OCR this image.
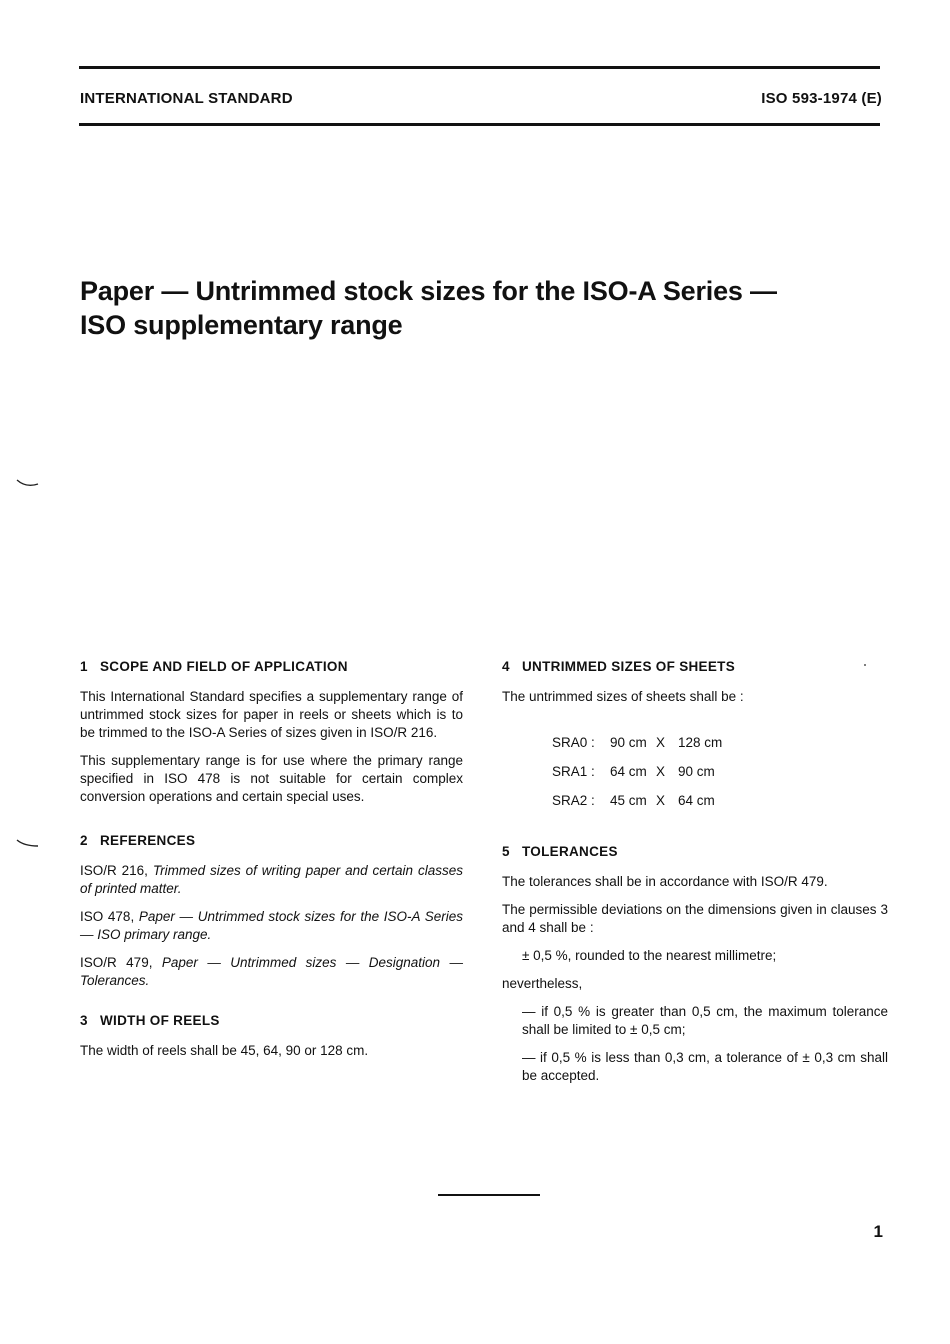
INTERNATIONAL STANDARD	ISO 593-1974 (E)
Paper — Untrimmed stock sizes for the ISO-A Series —
ISO supplementary range
1 SCOPE AND FIELD OF APPLICATION

This International Standard specifies a supplementary range of untrimmed stock sizes for paper in reels or sheets which is to be trimmed to the ISO-A Series of sizes given in ISO/R 216.

This supplementary range is for use where the primary range specified in ISO 478 is not suitable for certain complex conversion operations and certain special uses.

2 REFERENCES

ISO/R 216, Trimmed sizes of writing paper and certain classes of printed matter.

ISO 478, Paper — Untrimmed stock sizes for the ISO-A Series — ISO primary range.

ISO/R 479, Paper — Untrimmed sizes — Designation — Tolerances.

3 WIDTH OF REELS

The width of reels shall be 45, 64, 90 or 128 cm.

4 UNTRIMMED SIZES OF SHEETS

The untrimmed sizes of sheets shall be :

SRA0 : 90 cm X 128 cm

SRA1 : 64 cm X 90 cm

SRA2 : 45 cm X 64 cm

5 TOLERANCES

The tolerances shall be in accordance with ISO/R 479.

The permissible deviations on the dimensions given in clauses 3 and 4 shall be :

± 0,5 %, rounded to the nearest millimetre;

nevertheless,

— if 0,5 % is greater than 0,5 cm, the maximum tolerance shall be limited to ± 0,5 cm;

— if 0,5 % is less than 0,3 cm, a tolerance of ± 0,3 cm shall be accepted.

1
